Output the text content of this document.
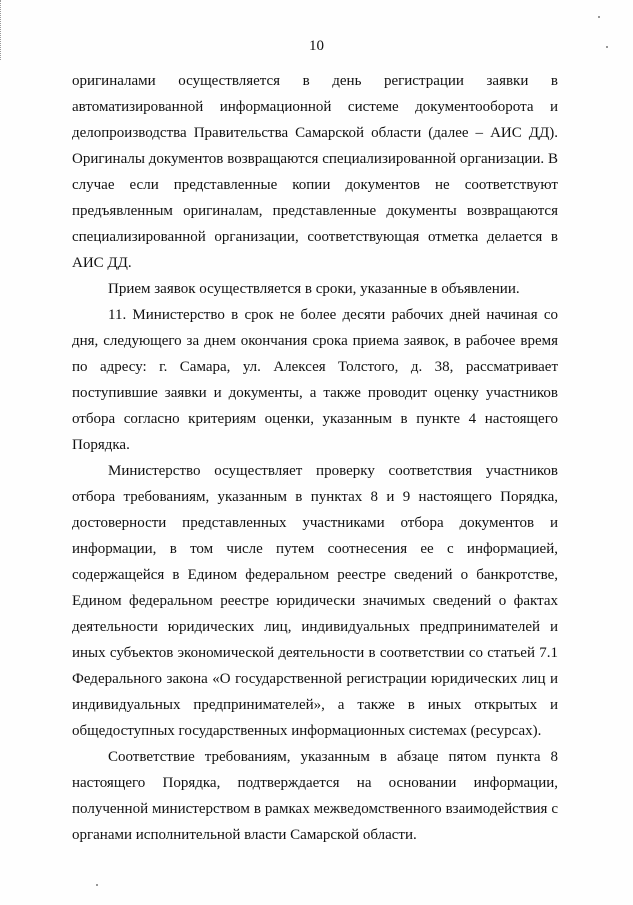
10

оригиналами осуществляется в день регистрации заявки в автоматизированной информационной системе документооборота и делопроизводства Правительства Самарской области (далее – АИС ДД). Оригиналы документов возвращаются специализированной организации. В случае если представленные копии документов не соответствуют предъявленным оригиналам, представленные документы возвращаются специализированной организации, соответствующая отметка делается в АИС ДД.

Прием заявок осуществляется в сроки, указанные в объявлении.

11. Министерство в срок не более десяти рабочих дней начиная со дня, следующего за днем окончания срока приема заявок, в рабочее время по адресу: г. Самара, ул. Алексея Толстого, д. 38, рассматривает поступившие заявки и документы, а также проводит оценку участников отбора согласно критериям оценки, указанным в пункте 4 настоящего Порядка.

Министерство осуществляет проверку соответствия участников отбора требованиям, указанным в пунктах 8 и 9 настоящего Порядка, достоверности представленных участниками отбора документов и информации, в том числе путем соотнесения ее с информацией, содержащейся в Едином федеральном реестре сведений о банкротстве, Едином федеральном реестре юридически значимых сведений о фактах деятельности юридических лиц, индивидуальных предпринимателей и иных субъектов экономической деятельности в соответствии со статьей 7.1 Федерального закона «О государственной регистрации юридических лиц и индивидуальных предпринимателей», а также в иных открытых и общедоступных государственных информационных системах (ресурсах).

Соответствие требованиям, указанным в абзаце пятом пункта 8 настоящего Порядка, подтверждается на основании информации, полученной министерством в рамках межведомственного взаимодействия с органами исполнительной власти Самарской области.
